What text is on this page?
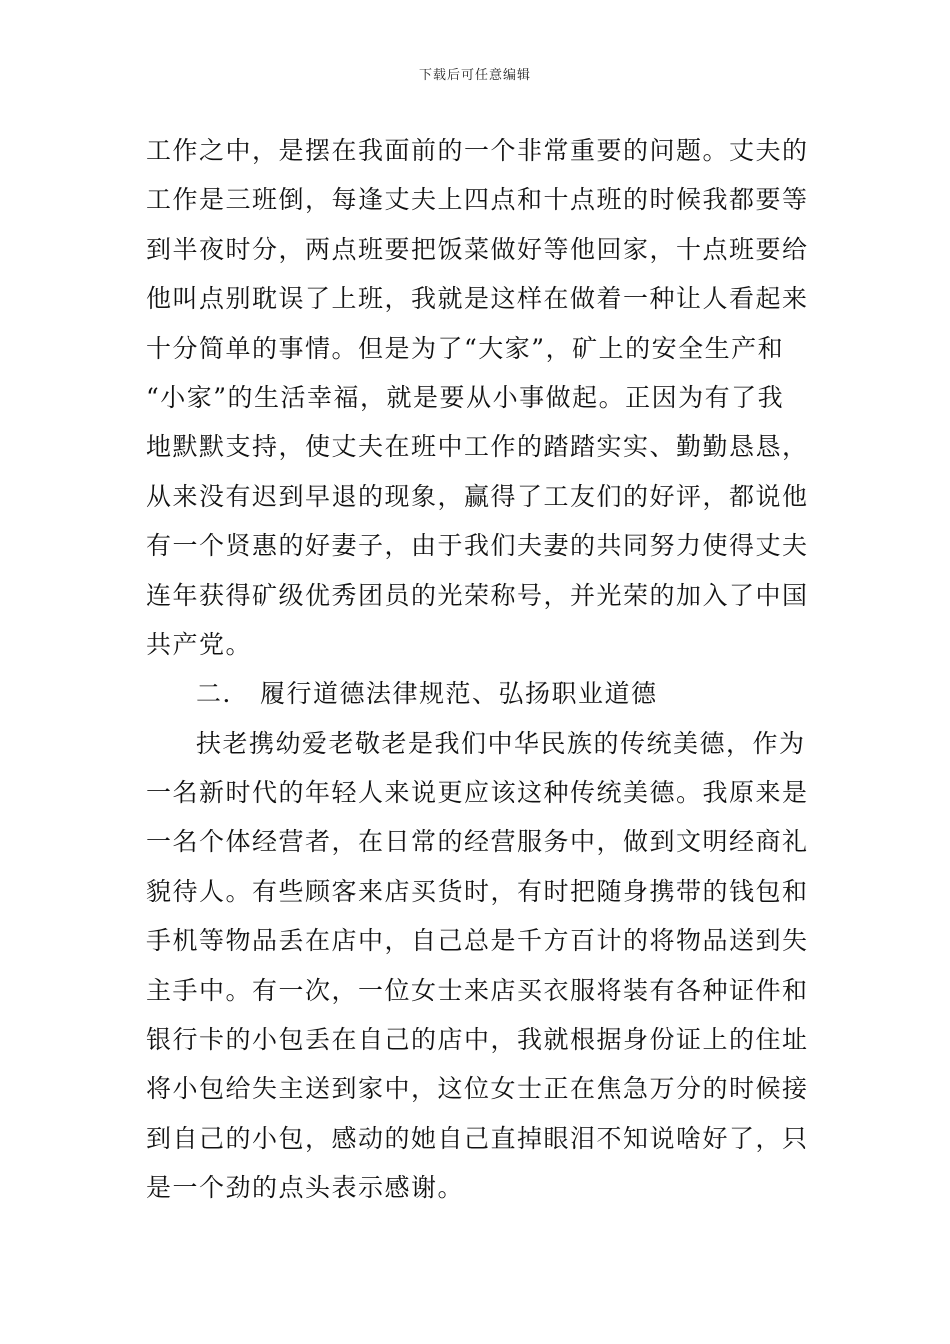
下载后可任意编辑
工作之中，是摆在我面前的一个非常重要的问题。丈夫的
工作是三班倒，每逢丈夫上四点和十点班的时候我都要等
到半夜时分，两点班要把饭菜做好等他回家，十点班要给
他叫点别耽误了上班，我就是这样在做着一种让人看起来
十分简单的事情。但是为了“大家”，矿上的安全生产和
“小家”的生活幸福，就是要从小事做起。正因为有了我
地默默支持，使丈夫在班中工作的踏踏实实、勤勤恳恳，
从来没有迟到早退的现象，赢得了工友们的好评，都说他
有一个贤惠的好妻子，由于我们夫妻的共同努力使得丈夫
连年获得矿级优秀团员的光荣称号，并光荣的加入了中国
共产党。
二． 履行道德法律规范、弘扬职业道德
扶老携幼爱老敬老是我们中华民族的传统美德，作为
一名新时代的年轻人来说更应该这种传统美德。我原来是
一名个体经营者，在日常的经营服务中，做到文明经商礼
貌待人。有些顾客来店买货时，有时把随身携带的钱包和
手机等物品丢在店中，自己总是千方百计的将物品送到失
主手中。有一次，一位女士来店买衣服将装有各种证件和
银行卡的小包丢在自己的店中，我就根据身份证上的住址
将小包给失主送到家中，这位女士正在焦急万分的时候接
到自己的小包，感动的她自己直掉眼泪不知说啥好了，只
是一个劲的点头表示感谢。
